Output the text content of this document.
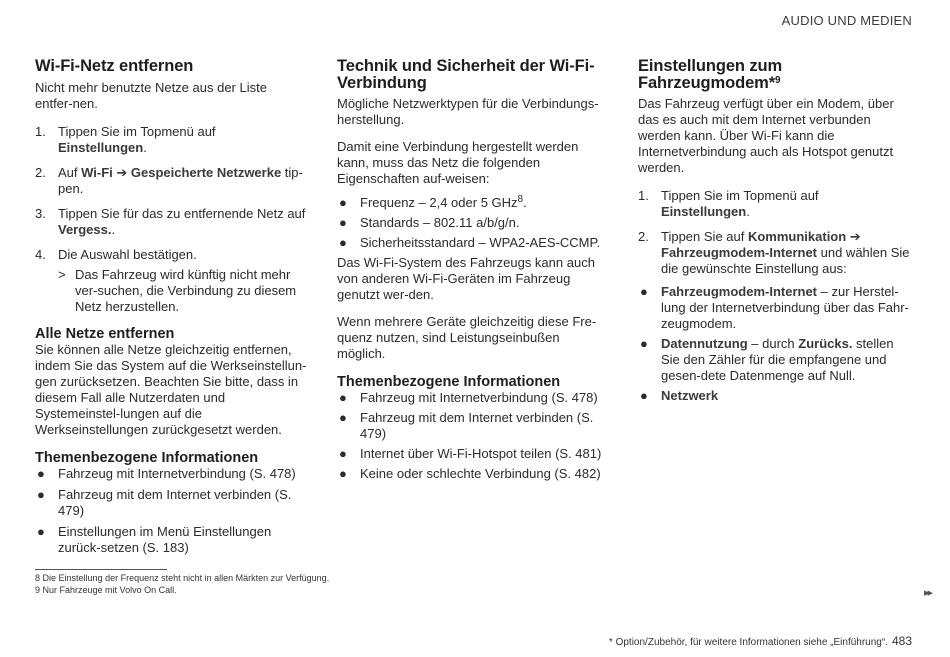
AUDIO UND MEDIEN
Wi-Fi-Netz entfernen

Nicht mehr benutzte Netze aus der Liste entfer-nen.

1. Tippen Sie im Topmenü auf Einstellungen.
2. Auf Wi-Fi ➔ Gespeicherte Netzwerke tip-pen.
3. Tippen Sie für das zu entfernende Netz auf Vergess..
4. Die Auswahl bestätigen.
> Das Fahrzeug wird künftig nicht mehr ver-suchen, die Verbindung zu diesem Netz herzustellen.
Alle Netze entfernen

Sie können alle Netze gleichzeitig entfernen, indem Sie das System auf die Werkseinstellun-gen zurücksetzen. Beachten Sie bitte, dass in diesem Fall alle Nutzerdaten und Systemeinstel-lungen auf die Werkseinstellungen zurückgesetzt werden.

Themenbezogene Informationen
● Fahrzeug mit Internetverbindung (S. 478)
● Fahrzeug mit dem Internet verbinden (S. 479)
● Einstellungen im Menü Einstellungen zurück-setzen (S. 183)
Technik und Sicherheit der Wi-Fi-Verbindung

Mögliche Netzwerktypen für die Verbindungs-herstellung.

Damit eine Verbindung hergestellt werden kann, muss das Netz die folgenden Eigenschaften auf-weisen:

● Frequenz – 2,4 oder 5 GHz$^8$.
● Standards – 802.11 a/b/g/n.
● Sicherheitsstandard – WPA2-AES-CCMP.

Das Wi-Fi-System des Fahrzeugs kann auch von anderen Wi-Fi-Geräten im Fahrzeug genutzt wer-den.

Wenn mehrere Geräte gleichzeitig diese Fre-quenz nutzen, sind Leistungseinbußen möglich.

Themenbezogene Informationen
● Fahrzeug mit Internetverbindung (S. 478)
● Fahrzeug mit dem Internet verbinden (S. 479)
● Internet über Wi-Fi-Hotspot teilen (S. 481)
● Keine oder schlechte Verbindung (S. 482)
Einstellungen zum Fahrzeugmodem*$^9$

Das Fahrzeug verfügt über ein Modem, über das es auch mit dem Internet verbunden werden kann. Über Wi-Fi kann die Internetverbindung auch als Hotspot genutzt werden.

1. Tippen Sie im Topmenü auf Einstellungen.
2. Tippen Sie auf Kommunikation ➔ Fahrzeugmodem-Internet und wählen Sie die gewünschte Einstellung aus:
● Fahrzeugmodem-Internet – zur Herstel-lung der Internetverbindung über das Fahr-zeugmodem.
● Datennutzung – durch Zurücks. stellen Sie den Zähler für die empfangene und gesen-dete Datenmenge auf Null.
● Netzwerk
8 Die Einstellung der Frequenz steht nicht in allen Märkten zur Verfügung.
9 Nur Fahrzeuge mit Volvo On Call.	▸▸
* Option/Zubehör, für weitere Informationen siehe „Einführung“. 483
